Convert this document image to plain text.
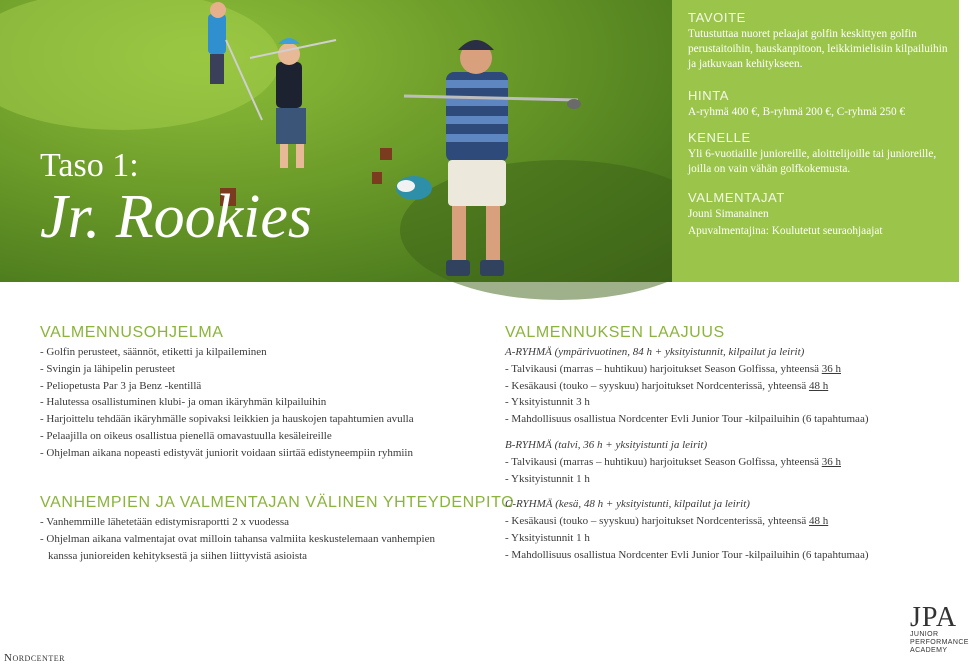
Taso 1:
Jr. Rookies

TAVOITE

Tutustuttaa nuoret pelaajat golfin keskittyen golfin perustaitoihin, hauskanpitoon, leikkimielisiin kilpailuihin ja jatkuvaan kehitykseen.

HINTA

A-ryhmä 400 €, B-ryhmä 200 €, C-ryhmä 250 €

KENELLE

Yli 6-vuotiaille junioreille, aloittelijoille tai junioreille, joilla on vain vähän golfkokemusta.

VALMENTAJAT

Jouni Simanainen

Apuvalmentajina: Koulutetut seuraohjaajat

VALMENNUSOHJELMA

- Golfin perusteet, säännöt, etiketti ja kilpaileminen
- Svingin ja lähipelin perusteet
- Peliopetusta Par 3 ja Benz -kentillä
- Halutessa osallistuminen klubi- ja oman ikäryhmän kilpailuihin
- Harjoittelu tehdään ikäryhmälle sopivaksi leikkien ja hauskojen tapahtumien avulla
- Pelaajilla on oikeus osallistua pienellä omavastuulla kesäleireille
- Ohjelman aikana nopeasti edistyvät juniorit voidaan siirtää edistyneempiin ryhmiin

VANHEMPIEN JA VALMENTAJAN VÄLINEN YHTEYDENPITO

- Vanhemmille lähetetään edistymisraportti 2 x vuodessa
- Ohjelman aikana valmentajat ovat milloin tahansa valmiita keskustelemaan vanhempien
kanssa junioreiden kehityksestä ja siihen liittyvistä asioista

VALMENNUKSEN LAAJUUS

A-RYHMÄ (ympärivuotinen, 84 h + yksityistunnit, kilpailut ja leirit)
- Talvikausi (marras – huhtikuu) harjoitukset Season Golfissa, yhteensä 36 h
- Kesäkausi (touko – syyskuu) harjoitukset Nordcenterissä, yhteensä 48 h
- Yksityistunnit 3 h
- Mahdollisuus osallistua Nordcenter Evli Junior Tour -kilpailuihin (6 tapahtumaa)
B-RYHMÄ (talvi, 36 h + yksityistunti ja leirit)
- Talvikausi (marras – huhtikuu) harjoitukset Season Golfissa, yhteensä 36 h
- Yksityistunnit 1 h
C-RYHMÄ (kesä, 48 h + yksityistunti, kilpailut ja leirit)
- Kesäkausi (touko – syyskuu) harjoitukset Nordcenterissä, yhteensä 48 h
- Yksityistunnit 1 h
- Mahdollisuus osallistua Nordcenter Evli Junior Tour -kilpailuihin (6 tapahtumaa)
Nordcenter
JPA
JUNIOR
PERFORMANCE
ACADEMY
